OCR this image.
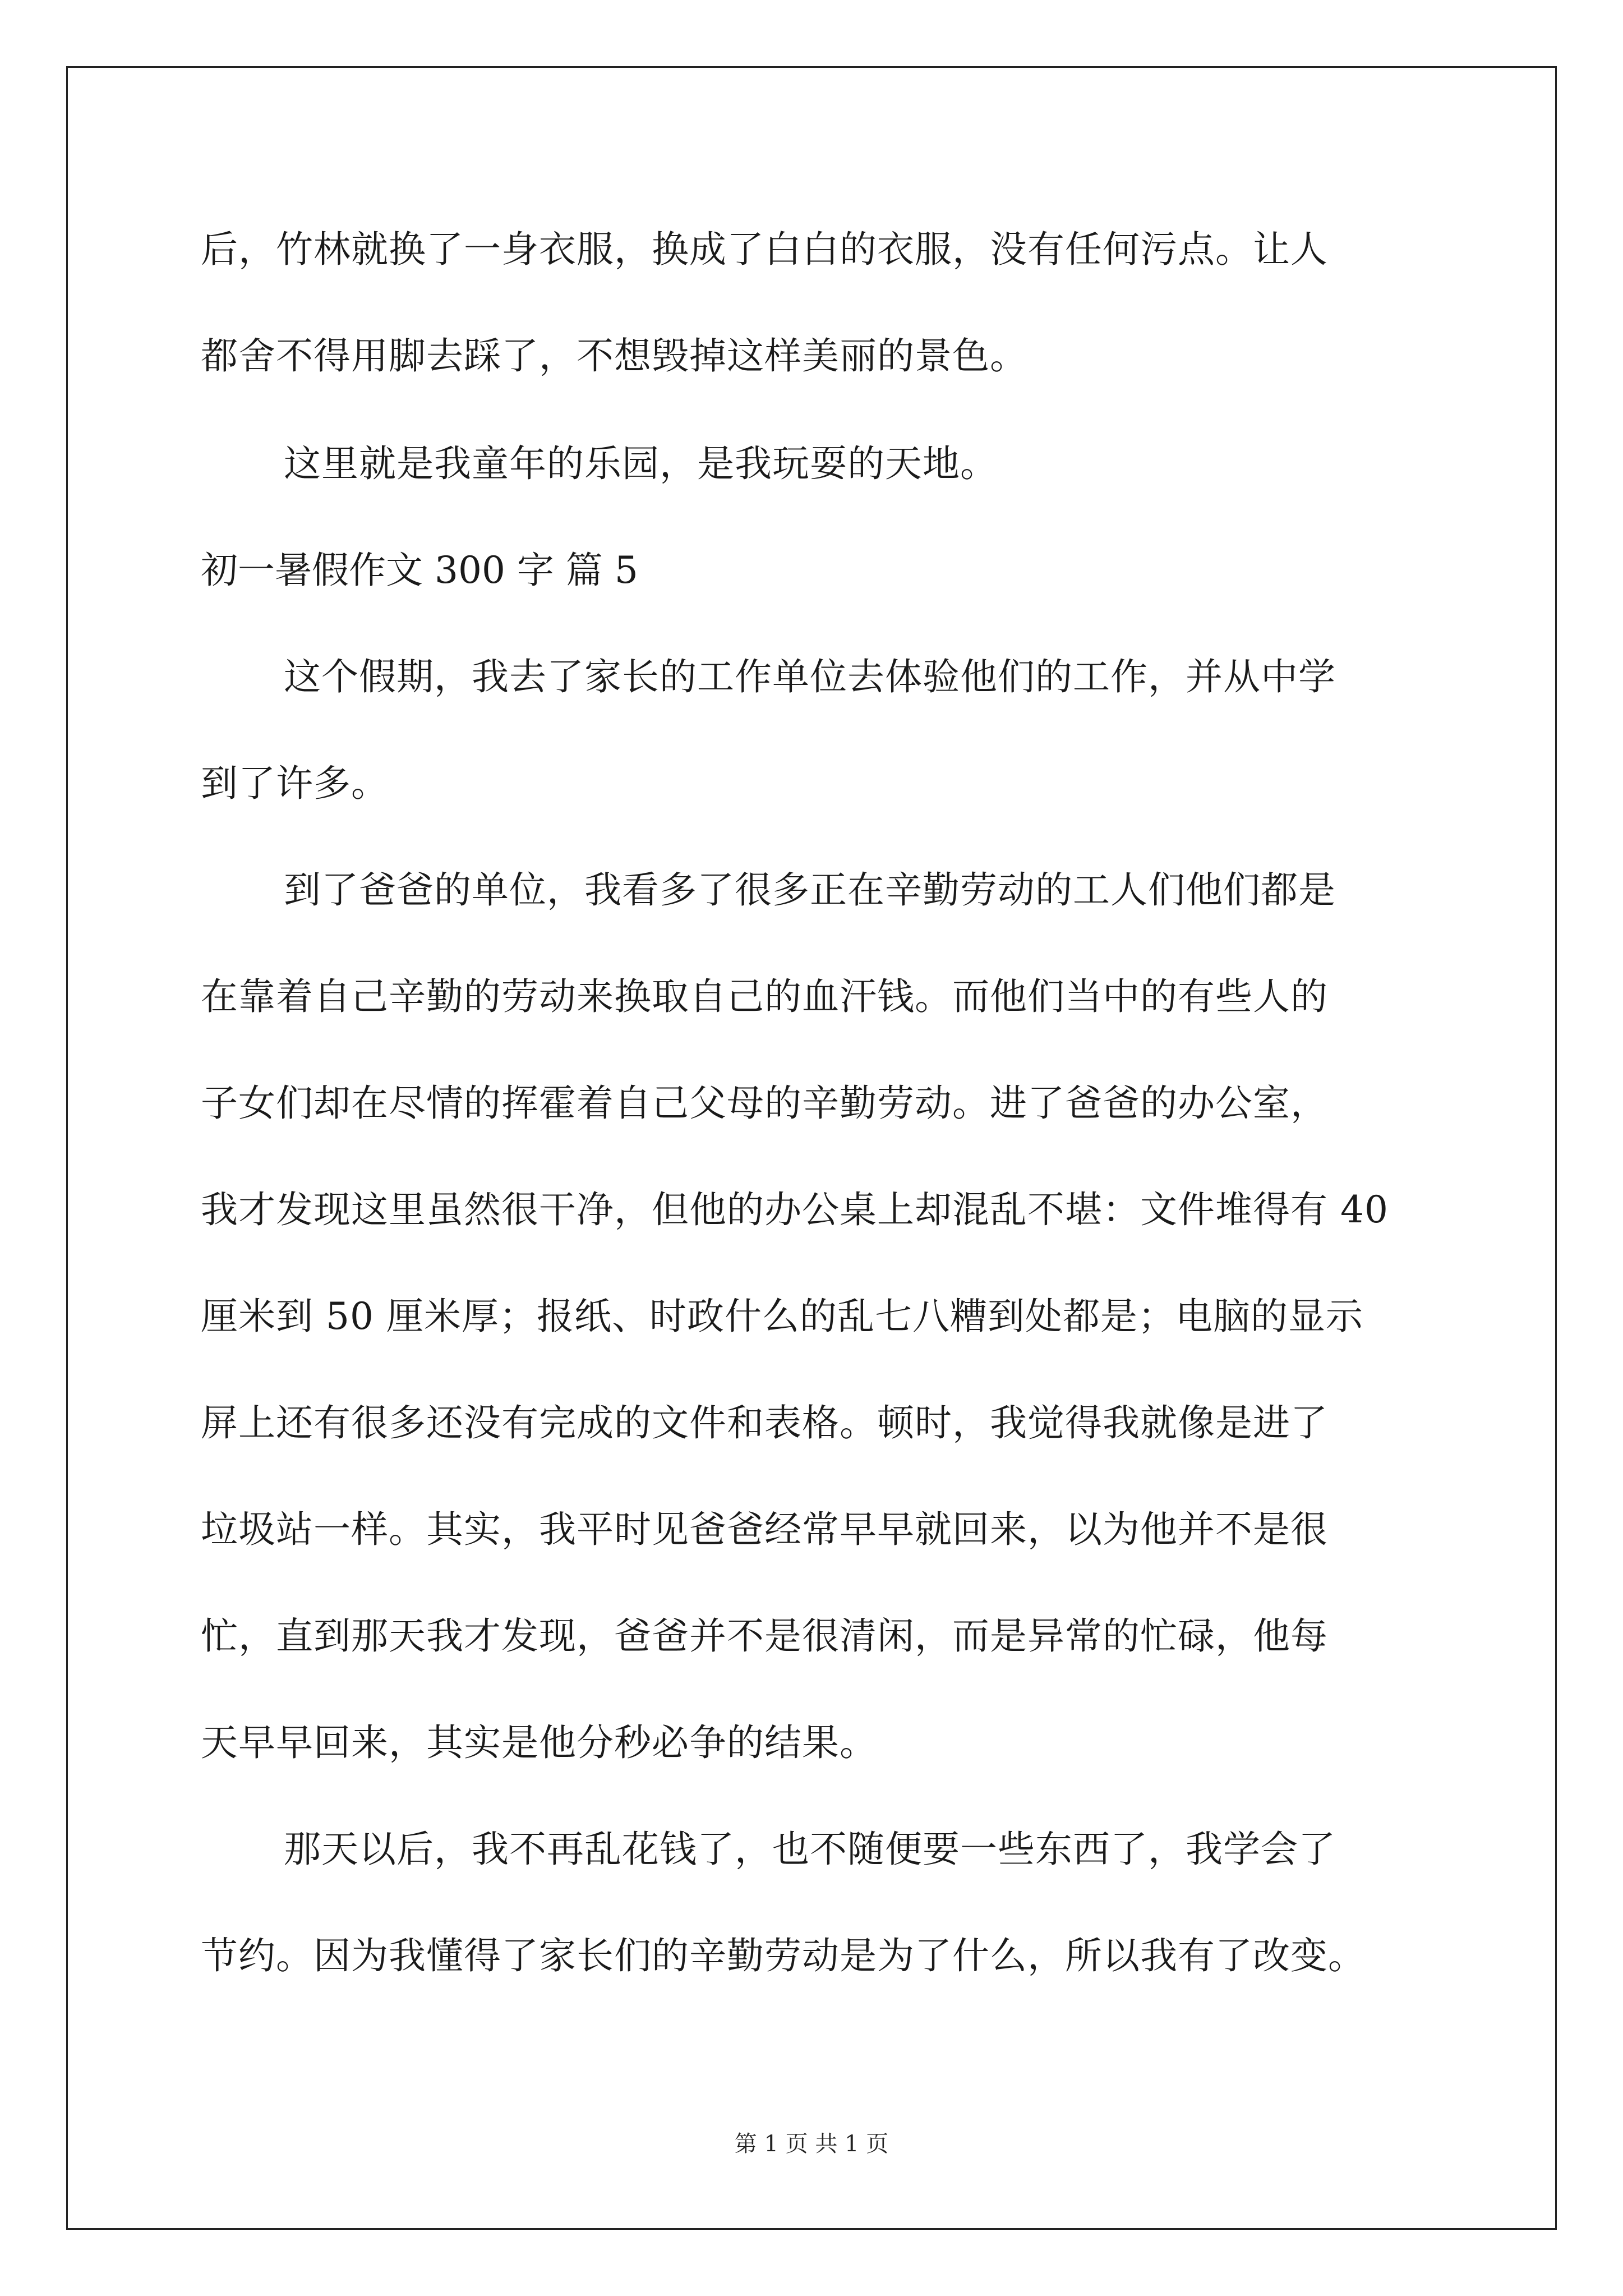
后，竹林就换了一身衣服，换成了白白的衣服，没有任何污点。让人
都舍不得用脚去踩了，不想毁掉这样美丽的景色。
这里就是我童年的乐园，是我玩耍的天地。
初一暑假作文 300 字 篇 5
这个假期，我去了家长的工作单位去体验他们的工作，并从中学
到了许多。
到了爸爸的单位，我看多了很多正在辛勤劳动的工人们他们都是
在靠着自己辛勤的劳动来换取自己的血汗钱。而他们当中的有些人的
子女们却在尽情的挥霍着自己父母的辛勤劳动。进了爸爸的办公室，
我才发现这里虽然很干净，但他的办公桌上却混乱不堪：文件堆得有 40
厘米到 50 厘米厚；报纸、时政什么的乱七八糟到处都是；电脑的显示
屏上还有很多还没有完成的文件和表格。顿时，我觉得我就像是进了
垃圾站一样。其实，我平时见爸爸经常早早就回来，以为他并不是很
忙，直到那天我才发现，爸爸并不是很清闲，而是异常的忙碌，他每
天早早回来，其实是他分秒必争的结果。
那天以后，我不再乱花钱了，也不随便要一些东西了，我学会了
节约。因为我懂得了家长们的辛勤劳动是为了什么，所以我有了改变。
第 1 页 共 1 页
